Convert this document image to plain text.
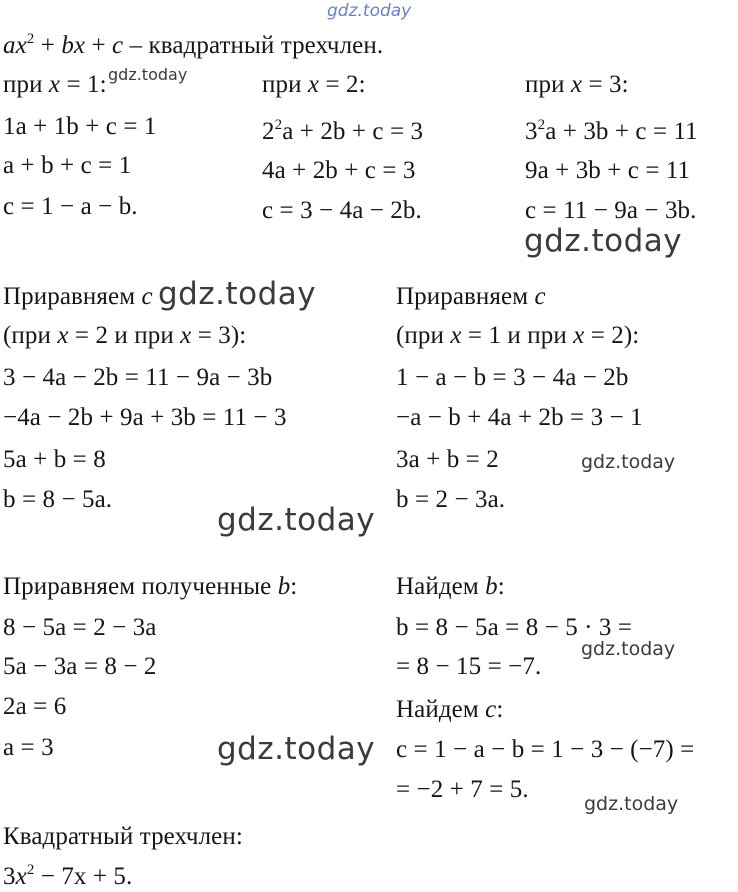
gdz.today
gdz.today
gdz.today
gdz.today
gdz.today
gdz.today
gdz.today
gdz.today
gdz.today
$ax^2$ + bx + c – квадратный трехчлен.
при x = 1:
1a + 1b + c = 1
a + b + c = 1
c = 1 − a − b.
при x = 2:
$2^2a + 2b + c = 3$
4a + 2b + c = 3
c = 3 − 4a − 2b.
при x = 3:
$3^2a + 3b + c = 11$
9a + 3b + c = 11
c = 11 − 9a − 3b.
Приравняем c
(при x = 2 и при x = 3):
3 − 4a − 2b = 11 − 9a − 3b
−4a − 2b + 9a + 3b = 11 − 3
5a + b = 8
b = 8 − 5a.
Приравняем c
(при x = 1 и при x = 2):
1 − a − b = 3 − 4a − 2b
−a − b + 4a + 2b = 3 − 1
3a + b = 2
b = 2 − 3a.
Приравняем полученные b:
8 − 5a = 2 − 3a
5a − 3a = 8 − 2
2a = 6
a = 3
Найдем b:
b = 8 − 5a = 8 − 5 · 3 =
= 8 − 15 = −7.
Найдем c:
c = 1 − a − b = 1 − 3 − (−7) =
= −2 + 7 = 5.
Квадратный трехчлен:
$3x^2 - 7x + 5$.
